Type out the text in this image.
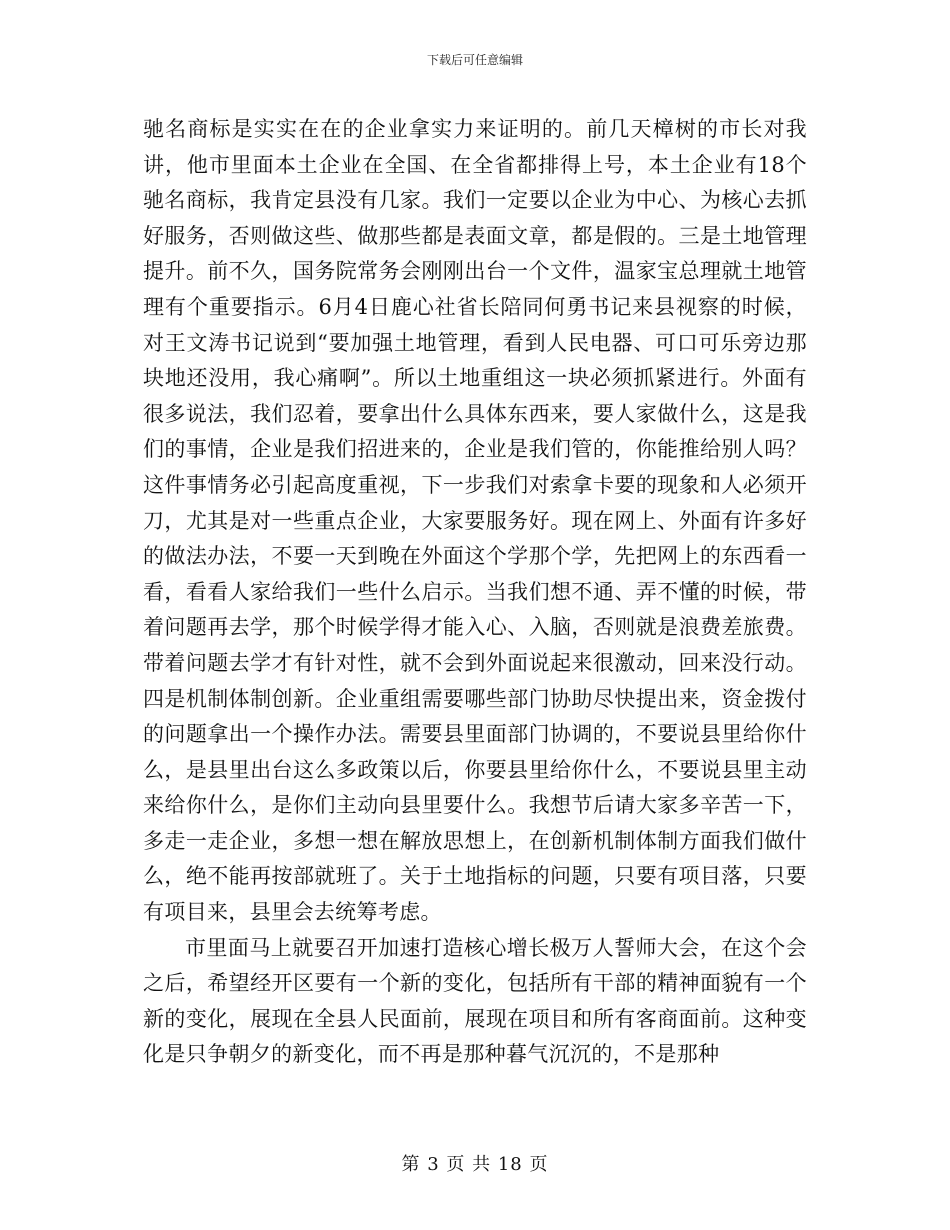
下载后可任意编辑

驰名商标是实实在在的企业拿实力来证明的。前几天樟树的市长对我讲，他市里面本土企业在全国、在全省都排得上号，本土企业有18个驰名商标，我肯定县没有几家。我们一定要以企业为中心、为核心去抓好服务，否则做这些、做那些都是表面文章，都是假的。三是土地管理提升。前不久，国务院常务会刚刚出台一个文件，温家宝总理就土地管理有个重要指示。6月4日鹿心社省长陪同何勇书记来县视察的时候，对王文涛书记说到“要加强土地管理，看到人民电器、可口可乐旁边那块地还没用，我心痛啊”。所以土地重组这一块必须抓紧进行。外面有很多说法，我们忍着，要拿出什么具体东西来，要人家做什么，这是我们的事情，企业是我们招进来的，企业是我们管的，你能推给别人吗？这件事情务必引起高度重视，下一步我们对索拿卡要的现象和人必须开刀，尤其是对一些重点企业，大家要服务好。现在网上、外面有许多好的做法办法，不要一天到晚在外面这个学那个学，先把网上的东西看一看，看看人家给我们一些什么启示。当我们想不通、弄不懂的时候，带着问题再去学，那个时候学得才能入心、入脑，否则就是浪费差旅费。带着问题去学才有针对性，就不会到外面说起来很激动，回来没行动。四是机制体制创新。企业重组需要哪些部门协助尽快提出来，资金拨付的问题拿出一个操作办法。需要县里面部门协调的，不要说县里给你什么，是县里出台这么多政策以后，你要县里给你什么，不要说县里主动来给你什么，是你们主动向县里要什么。我想节后请大家多辛苦一下，多走一走企业，多想一想在解放思想上，在创新机制体制方面我们做什么，绝不能再按部就班了。关于土地指标的问题，只要有项目落，只要有项目来，县里会去统筹考虑。

市里面马上就要召开加速打造核心增长极万人誓师大会，在这个会之后，希望经开区要有一个新的变化，包括所有干部的精神面貌有一个新的变化，展现在全县人民面前，展现在项目和所有客商面前。这种变化是只争朝夕的新变化，而不再是那种暮气沉沉的，不是那种

第 3 页 共 18 页
